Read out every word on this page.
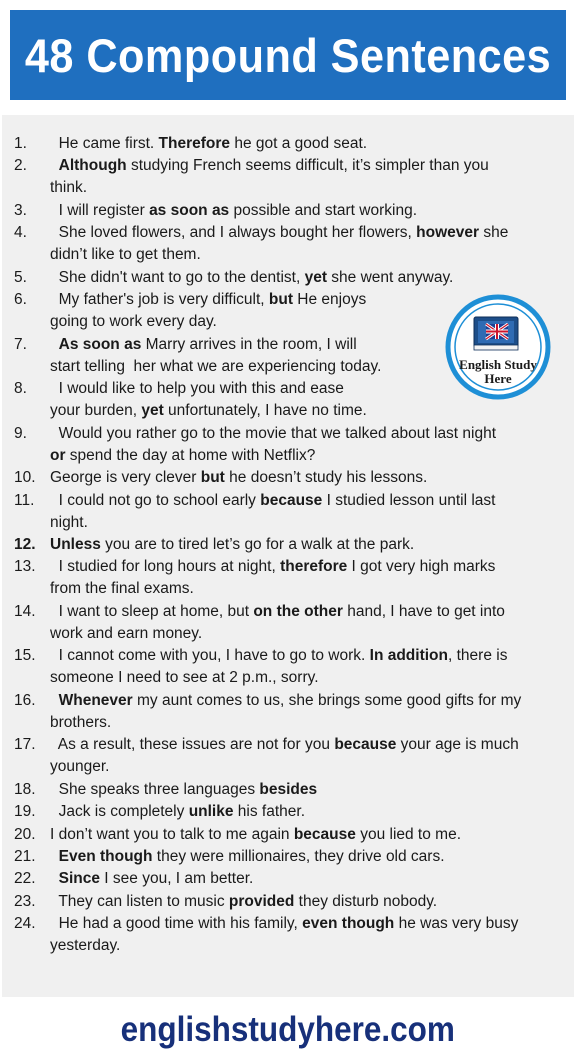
48 Compound Sentences
1. He came first. Therefore he got a good seat.
2.	Although studying French seems difficult, it’s simpler than you
think.
3. I will register as soon as possible and start working.
4. She loved flowers, and I always bought her flowers, however she
didn’t like to get them.
5. She didn't want to go to the dentist, yet she went anyway.
6. My father's job is very difficult, but He enjoys
going to work every day.
7.	As soon as Marry arrives in the room, I will
start telling  her what we are experiencing today.
8. I would like to help you with this and ease
your burden, yet unfortunately, I have no time.
9. Would you rather go to the movie that we talked about last night
or spend the day at home with Netflix?
10. George is very clever but he doesn’t study his lessons.
11. I could not go to school early because I studied lesson until last
night.
12. Unless you are to tired let’s go for a walk at the park.
13. I studied for long hours at night, therefore I got very high marks
from the final exams.
14. I want to sleep at home, but on the other hand, I have to get into
work and earn money.
15. I cannot come with you, I have to go to work. In addition, there is
someone I need to see at 2 p.m., sorry.
16.	Whenever my aunt comes to us, she brings some good gifts for my
brothers.
17. As a result, these issues are not for you because your age is much
younger.
18. She speaks three languages besides
19. Jack is completely unlike his father.
20. I don’t want you to talk to me again because you lied to me.
21.	Even though they were millionaires, they drive old cars.
22.	Since I see you, I am better.
23. They can listen to music provided they disturb nobody.
24. He had a good time with his family, even though he was very busy
yesterday.
English Study
Here
englishstudyhere.com
